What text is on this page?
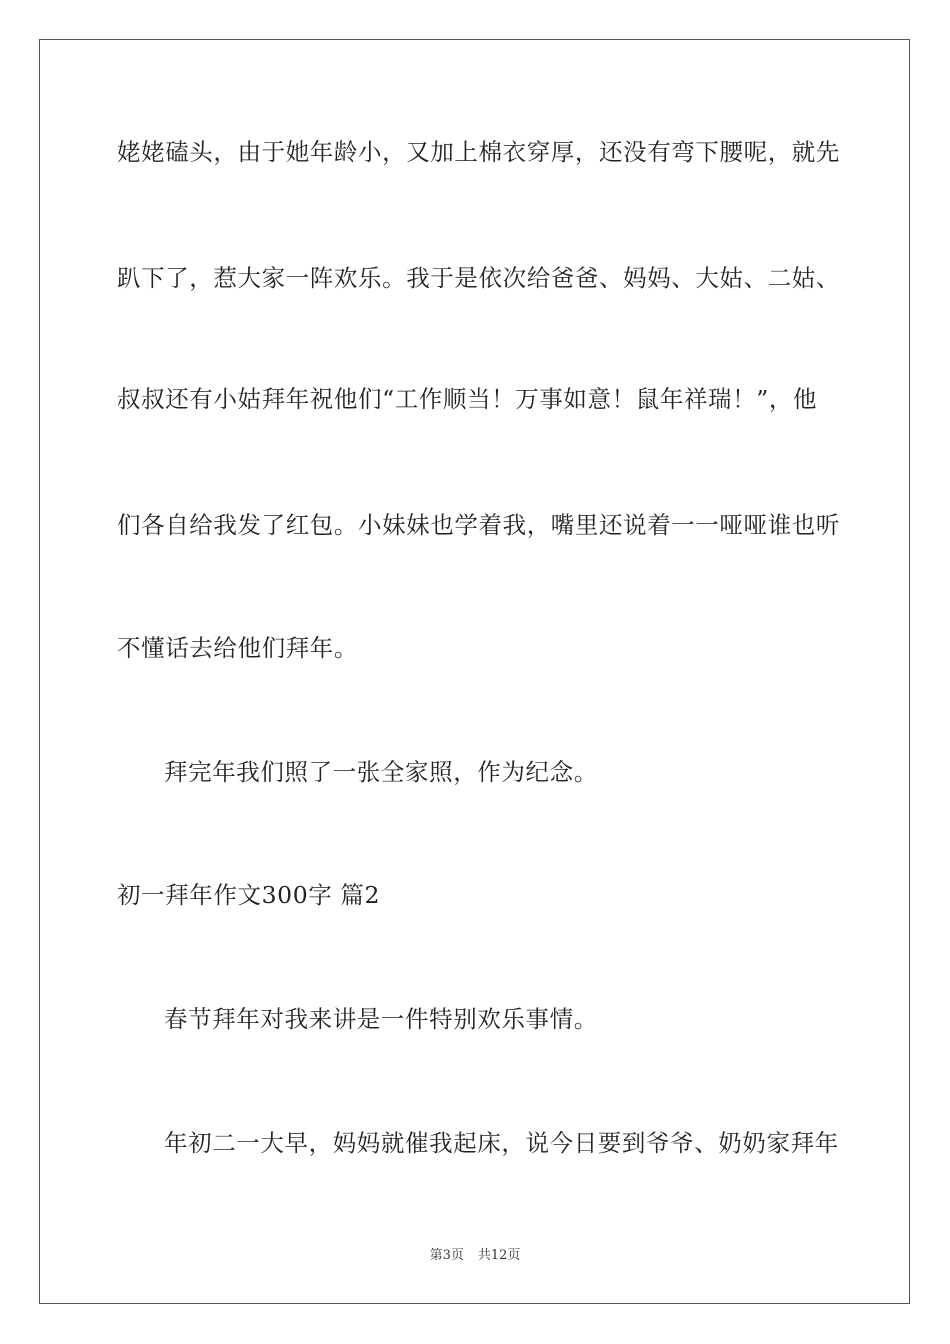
姥姥磕头，由于她年龄小，又加上棉衣穿厚，还没有弯下腰呢，就先
趴下了，惹大家一阵欢乐。我于是依次给爸爸、妈妈、大姑、二姑、
叔叔还有小姑拜年祝他们“工作顺当！万事如意！鼠年祥瑞！”，他
们各自给我发了红包。小妹妹也学着我，嘴里还说着一一哑哑谁也听
不懂话去给他们拜年。
拜完年我们照了一张全家照，作为纪念。
初一拜年作文300字 篇2
春节拜年对我来讲是一件特别欢乐事情。
年初二一大早，妈妈就催我起床，说今日要到爷爷、奶奶家拜年
第3页 共12页
